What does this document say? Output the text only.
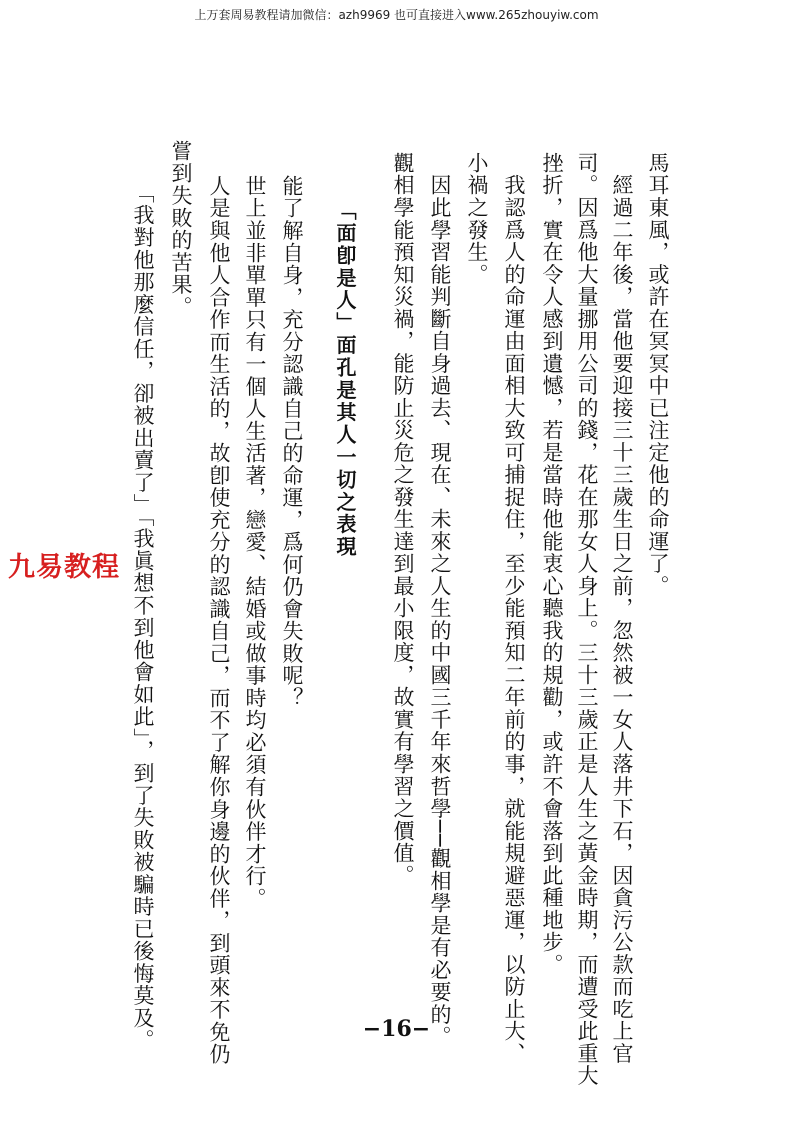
上万套周易教程请加微信：azh9969 也可直接进入www.265zhouyiw.com
馬耳東風，或許在冥冥中已注定他的命運了。
　經過二年後，當他要迎接三十三歲生日之前，忽然被一女人落井下石，因貪污公款而吃上官
司。因爲他大量挪用公司的錢，花在那女人身上。三十三歲正是人生之黃金時期，而遭受此重大
挫折，實在令人感到遺憾，若是當時他能衷心聽我的規勸，或許不會落到此種地步。
　我認爲人的命運由面相大致可捕捉住，至少能預知二年前的事，就能規避惡運，以防止大、
小禍之發生。
　因此學習能判斷自身過去、現在、未來之人生的中國三千年來哲學──觀相學是有必要的。
觀相學能預知災禍，能防止災危之發生達到最小限度，故實有學習之價值。
「面卽是人」面孔是其人一切之表現
能了解自身，充分認識自己的命運，爲何仍會失敗呢？
世上並非單單只有一個人生活著，戀愛、結婚或做事時均必須有伙伴才行。
人是與他人合作而生活的，故卽使充分的認識自己，而不了解你身邊的伙伴，到頭來不免仍
嘗到失敗的苦果。
「我對他那麼信任，卻被出賣了」「我眞想不到他會如此」，到了失敗被騙時已後悔莫及。
九易教程
−16−
